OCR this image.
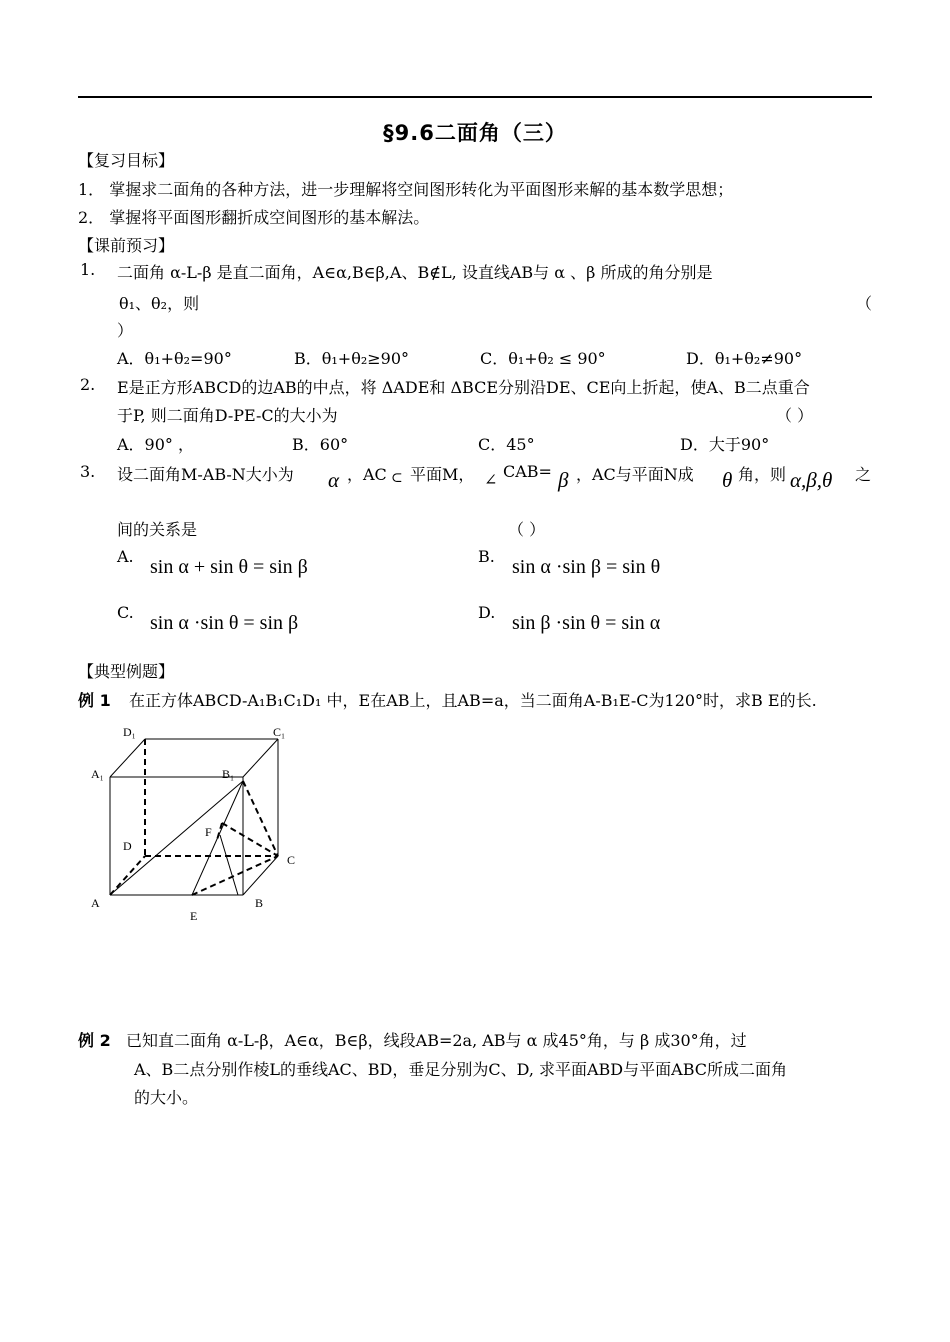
§9.6二面角（三）
【复习目标】
1． 掌握求二面角的各种方法，进一步理解将空间图形转化为平面图形来解的基本数学思想；
2． 掌握将平面图形翻折成空间图形的基本解法。
【课前预习】
1. 二面角 α-L-β 是直二面角，A∈α,B∈β,A、B∉L, 设直线AB与 α 、β 所成的角分别是
θ₁、θ₂，则	（
）
A．θ₁+θ₂=90°	B．θ₁+θ₂≥90°	C．θ₁+θ₂ ≤ 90°	D．θ₁+θ₂≠90°
2. E是正方形ABCD的边AB的中点，将 ΔADE和 ΔBCE分别沿DE、CE向上折起，使A、B二点重合
于P, 则二面角D-PE-C的大小为	（ ）
A．90° ，	B．60°	C．45°	D．大于90°
3. 设二面角M-AB-N大小为 α ，AC ⊂ 平面M， ∠ CAB= β ，AC与平面N成 θ 角，则 α,β,θ 之
间的关系是	（ ）
A. sin α + sin θ = sin β	B. sin α ·sin β = sin θ
C. sin α ·sin θ = sin β	D. sin β ·sin θ = sin α
【典型例题】
例 1 在正方体ABCD-A₁B₁C₁D₁ 中，E在AB上，且AB=a，当二面角A-B₁E-C为120°时，求B E的长.
D₁	C₁
A₁	B₁
F
D
C
A
E
B
例 2 已知直二面角 α-L-β，A∈α，B∈β，线段AB=2a, AB与 α 成45°角，与 β 成30°角，过
A、B二点分别作棱L的垂线AC、BD，垂足分别为C、D, 求平面ABD与平面ABC所成二面角
的大小。
